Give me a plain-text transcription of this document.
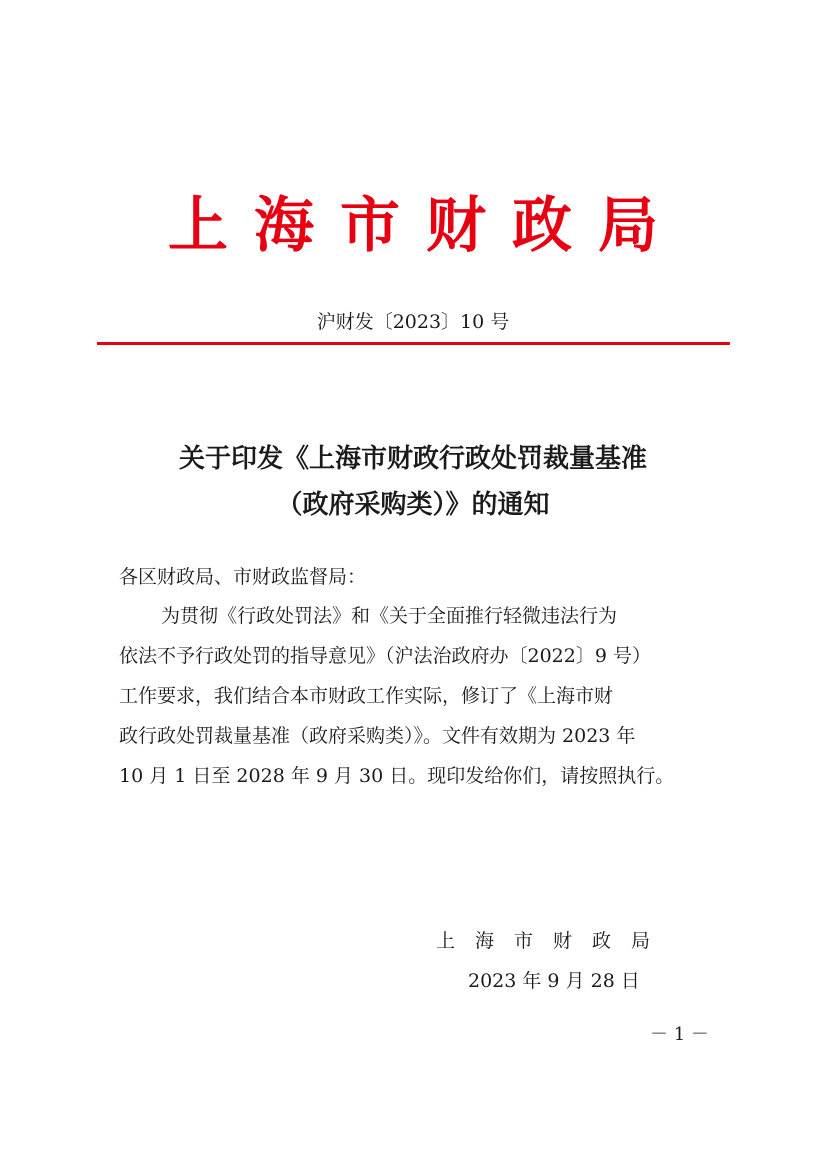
上海市财政局
沪财发〔2023〕10 号
关于印发《上海市财政行政处罚裁量基准
（政府采购类）》的通知
各区财政局、市财政监督局：
为贯彻《行政处罚法》和《关于全面推行轻微违法行为
依法不予行政处罚的指导意见》（沪法治政府办〔2022〕9 号）
工作要求，我们结合本市财政工作实际，修订了《上海市财
政行政处罚裁量基准（政府采购类）》。文件有效期为 2023 年
10 月 1 日至 2028 年 9 月 30 日。现印发给你们，请按照执行。
上海市财政局
2023 年 9 月 28 日
－ 1 －
